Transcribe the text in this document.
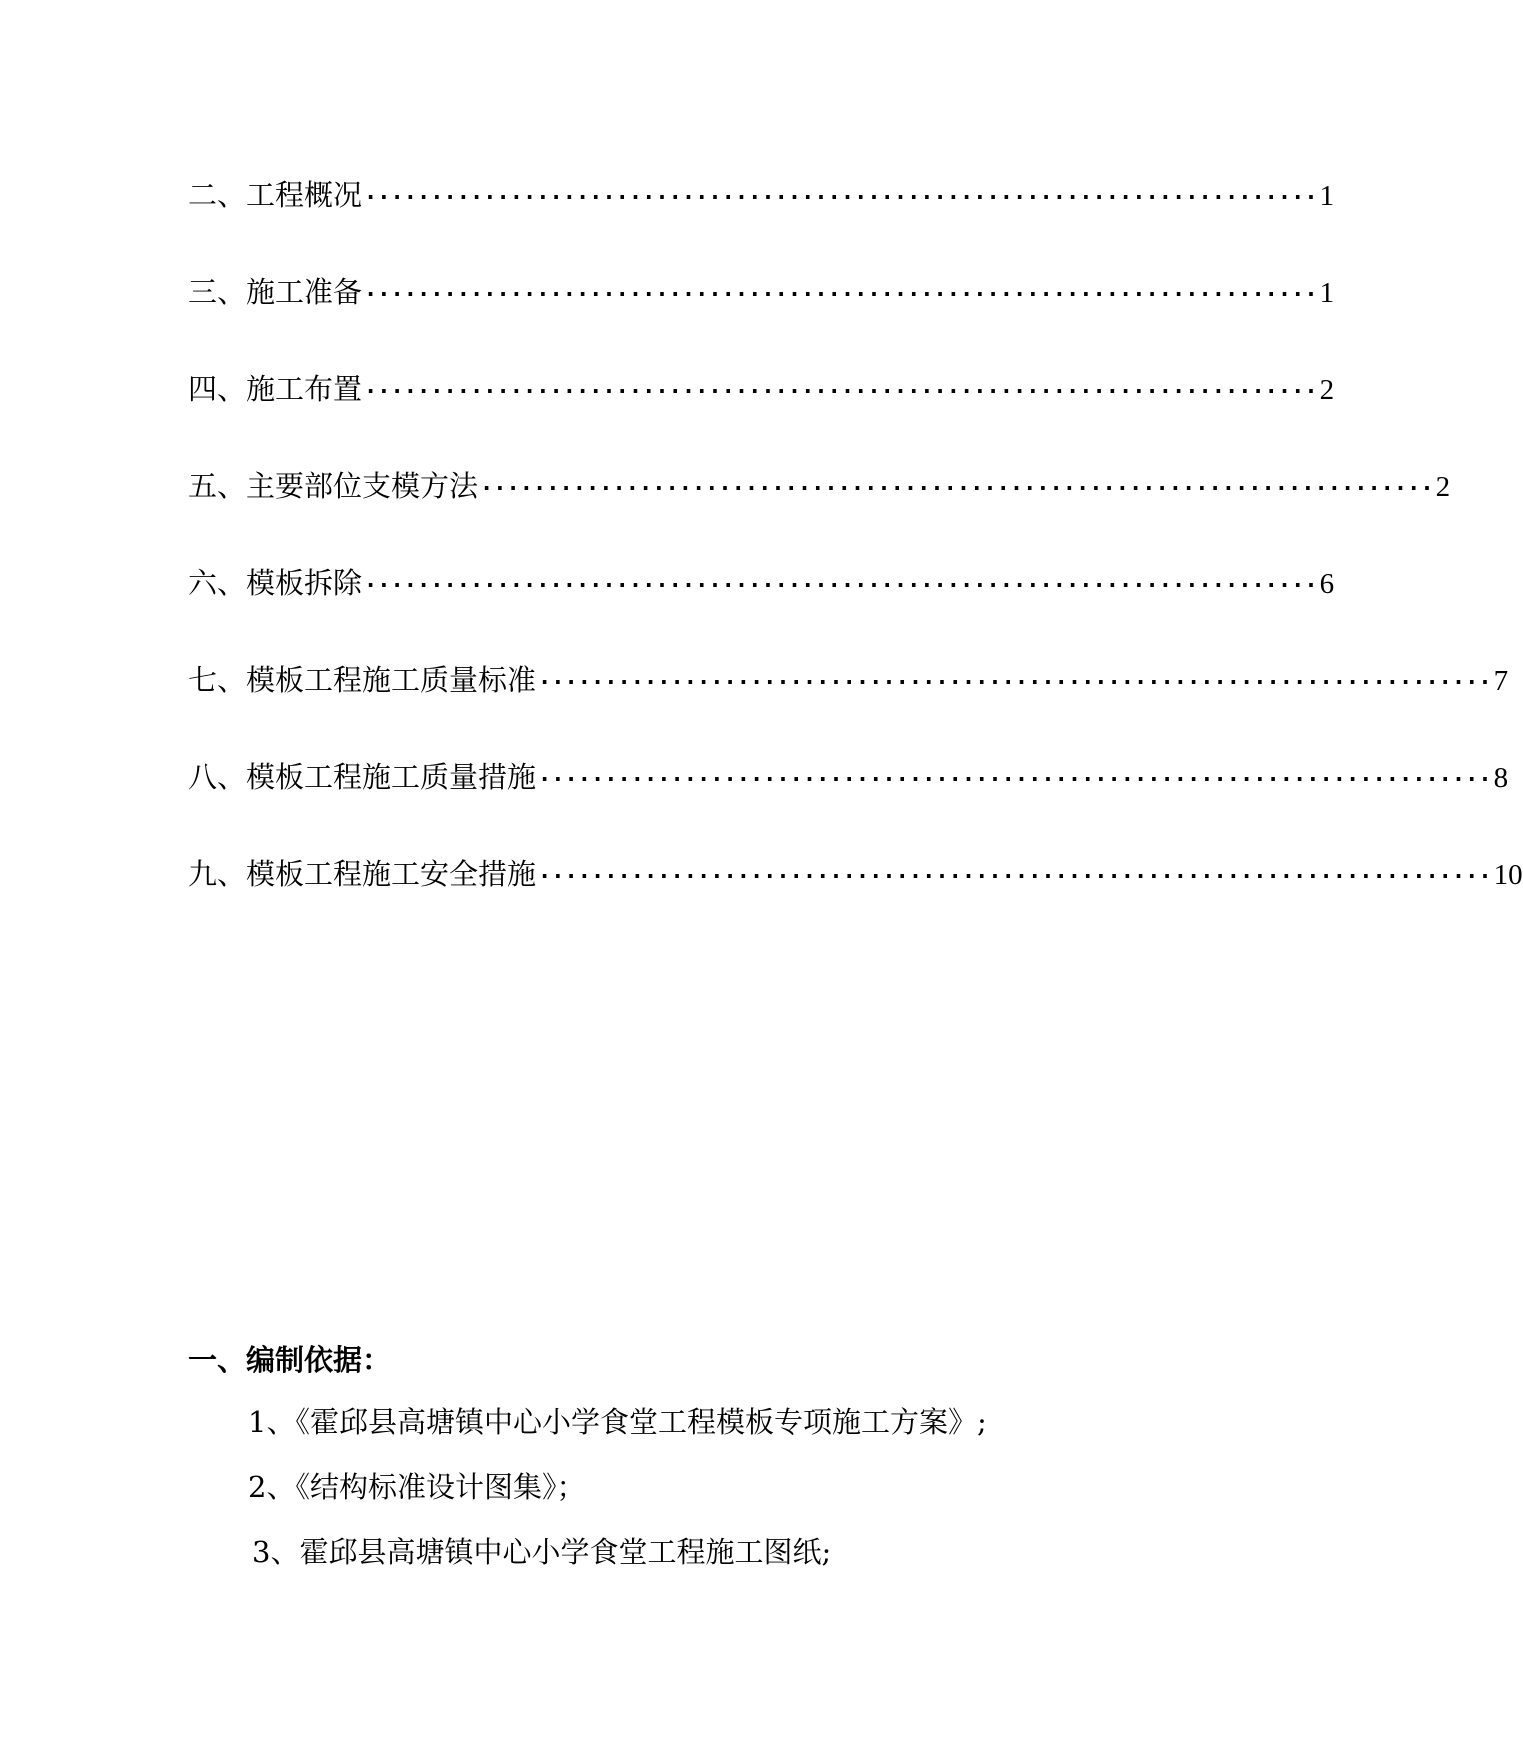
二、工程概况 ········································································ 1
三、施工准备 ········································································ 1
四、施工布置 ········································································ 2
五、主要部位支模方法 ········································································ 2
六、模板拆除 ········································································ 6
七、模板工程施工质量标准 ········································································ 7
八、模板工程施工质量措施 ········································································ 8
九、模板工程施工安全措施 ········································································ 10
一、编制依据：
1、《霍邱县高塘镇中心小学食堂工程模板专项施工方案》;
2、《结构标准设计图集》；
3、霍邱县高塘镇中心小学食堂工程施工图纸;
